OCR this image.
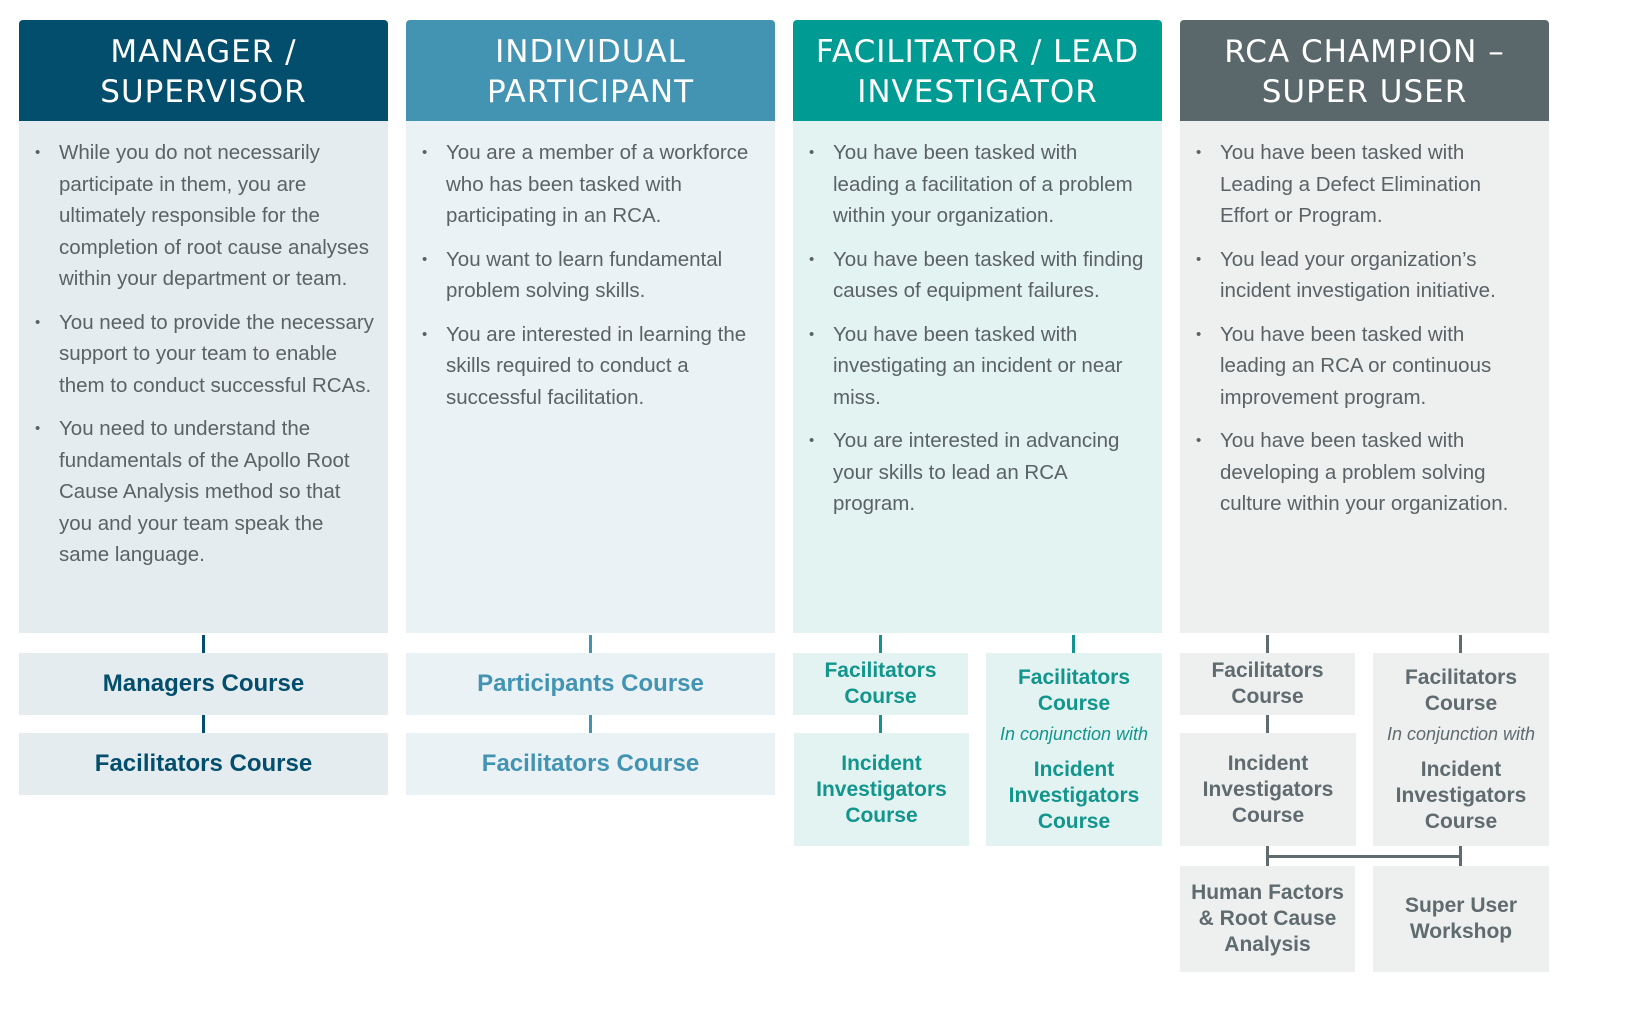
MANAGER /
SUPERVISOR
• While you do not necessarily participate in them, you are ultimately responsible for the completion of root cause analyses within your department or team.
• You need to provide the necessary support to your team to enable them to conduct successful RCAs.
• You need to understand the fundamentals of the Apollo Root Cause Analysis method so that you and your team speak the same language.
Managers Course
Facilitators Course
INDIVIDUAL
PARTICIPANT
• You are a member of a workforce who has been tasked with participating in an RCA.
• You want to learn fundamental problem solving skills.
• You are interested in learning the skills required to conduct a successful facilitation.
Participants Course
Facilitators Course
FACILITATOR / LEAD
INVESTIGATOR
• You have been tasked with leading a facilitation of a problem within your organization.
• You have been tasked with finding causes of equipment failures.
• You have been tasked with investigating an incident or near miss.
• You are interested in advancing your skills to lead an RCA program.
Facilitators Course
Incident Investigators Course
Facilitators Course
In conjunction with
Incident Investigators Course
RCA CHAMPION –
SUPER USER
• You have been tasked with Leading a Defect Elimination Effort or Program.
• You lead your organization’s incident investigation initiative.
• You have been tasked with leading an RCA or continuous improvement program.
• You have been tasked with developing a problem solving culture within your organization.
Facilitators Course
Incident Investigators Course
Facilitators Course
In conjunction with
Incident Investigators Course
Human Factors & Root Cause Analysis
Super User Workshop
